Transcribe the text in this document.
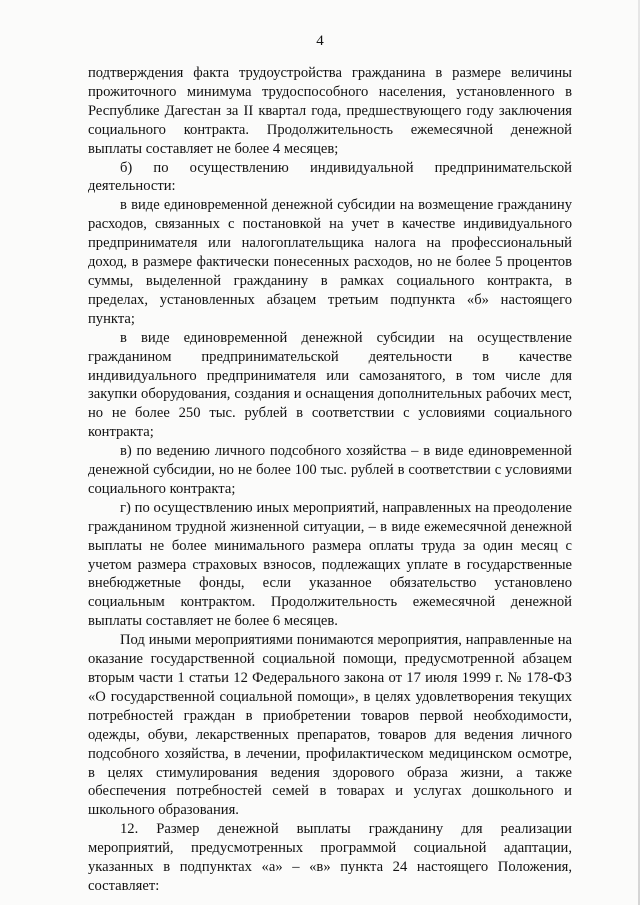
4

подтверждения факта трудоустройства гражданина в размере величины прожиточного минимума трудоспособного населения, установленного в Республике Дагестан за II квартал года, предшествующего году заключения социального контракта. Продолжительность ежемесячной денежной выплаты составляет не более 4 месяцев;

б) по осуществлению индивидуальной предпринимательской деятельности:

в виде единовременной денежной субсидии на возмещение гражданину расходов, связанных с постановкой на учет в качестве индивидуального предпринимателя или налогоплательщика налога на профессиональный доход, в размере фактически понесенных расходов, но не более 5 процентов суммы, выделенной гражданину в рамках социального контракта, в пределах, установленных абзацем третьим подпункта «б» настоящего пункта;

в виде единовременной денежной субсидии на осуществление гражданином предпринимательской деятельности в качестве индивидуального предпринимателя или самозанятого, в том числе для закупки оборудования, создания и оснащения дополнительных рабочих мест, но не более 250 тыс. рублей в соответствии с условиями социального контракта;

в) по ведению личного подсобного хозяйства – в виде единовременной денежной субсидии, но не более 100 тыс. рублей в соответствии с условиями социального контракта;

г) по осуществлению иных мероприятий, направленных на преодоление гражданином трудной жизненной ситуации, – в виде ежемесячной денежной выплаты не более минимального размера оплаты труда за один месяц с учетом размера страховых взносов, подлежащих уплате в государственные внебюджетные фонды, если указанное обязательство установлено социальным контрактом. Продолжительность ежемесячной денежной выплаты составляет не более 6 месяцев.

Под иными мероприятиями понимаются мероприятия, направленные на оказание государственной социальной помощи, предусмотренной абзацем вторым части 1 статьи 12 Федерального закона от 17 июля 1999 г. № 178-ФЗ «О государственной социальной помощи», в целях удовлетворения текущих потребностей граждан в приобретении товаров первой необходимости, одежды, обуви, лекарственных препаратов, товаров для ведения личного подсобного хозяйства, в лечении, профилактическом медицинском осмотре, в целях стимулирования ведения здорового образа жизни, а также обеспечения потребностей семей в товарах и услугах дошкольного и школьного образования.

12. Размер денежной выплаты гражданину для реализации мероприятий, предусмотренных программой социальной адаптации, указанных в подпунктах «а» – «в» пункта 24 настоящего Положения, составляет:
